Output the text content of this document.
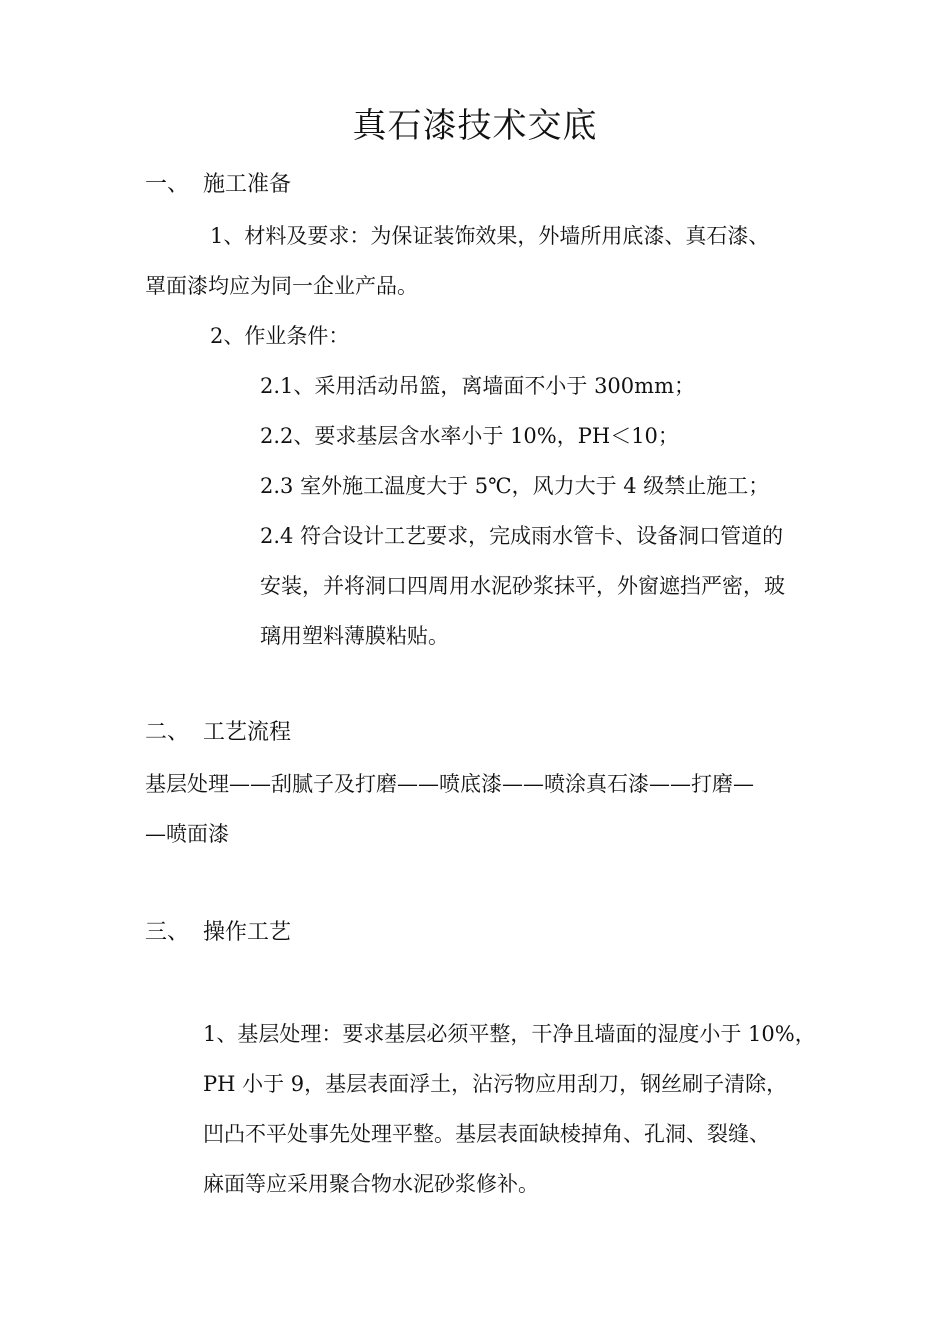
真石漆技术交底
一、 施工准备
1、材料及要求：为保证装饰效果，外墙所用底漆、真石漆、
罩面漆均应为同一企业产品。
2、作业条件：
2.1、采用活动吊篮，离墙面不小于 300mm；
2.2、要求基层含水率小于 10%，PH＜10；
2.3 室外施工温度大于 5℃，风力大于 4 级禁止施工；
2.4 符合设计工艺要求，完成雨水管卡、设备洞口管道的
安装，并将洞口四周用水泥砂浆抹平，外窗遮挡严密，玻
璃用塑料薄膜粘贴。
二、 工艺流程
基层处理——刮腻子及打磨——喷底漆——喷涂真石漆——打磨—
—喷面漆
三、 操作工艺
1、基层处理：要求基层必须平整，干净且墙面的湿度小于 10%，
PH 小于 9，基层表面浮土，沾污物应用刮刀，钢丝刷子清除，
凹凸不平处事先处理平整。基层表面缺棱掉角、孔洞、裂缝、
麻面等应采用聚合物水泥砂浆修补。
